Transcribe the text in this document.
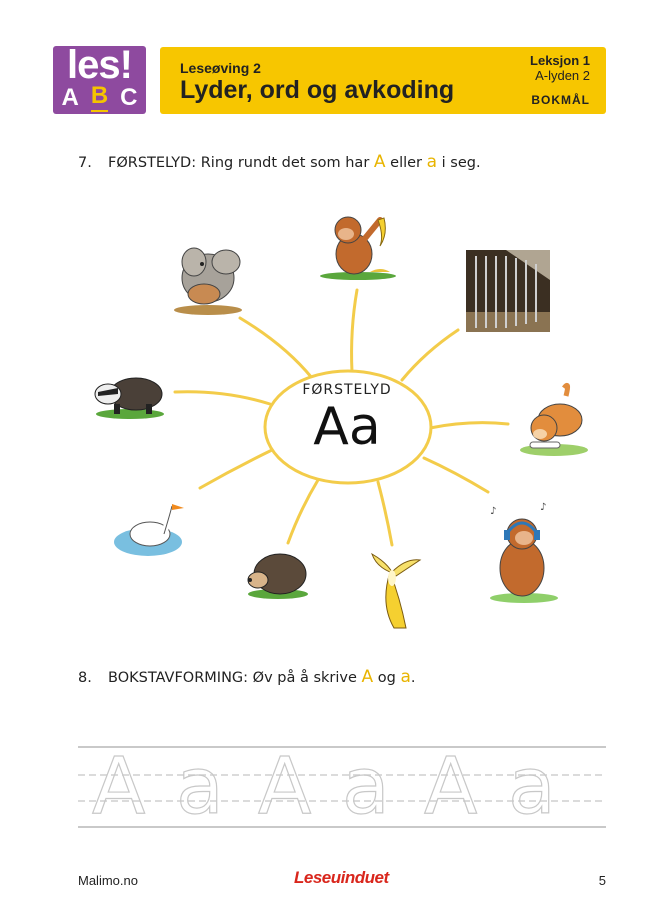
les!
A B C
Leseøving 2
Lyder, ord og avkoding
Leksjon 1
A-lyden 2
BOKMÅL
7. FØRSTELYD: Ring rundt det som har A eller a i seg.
FØRSTELYD
Aa
♪	♪
8. BOKSTAVFORMING: Øv på å skrive A og a.
A a A a A a
Malimo.no	Leseuinduet	5
